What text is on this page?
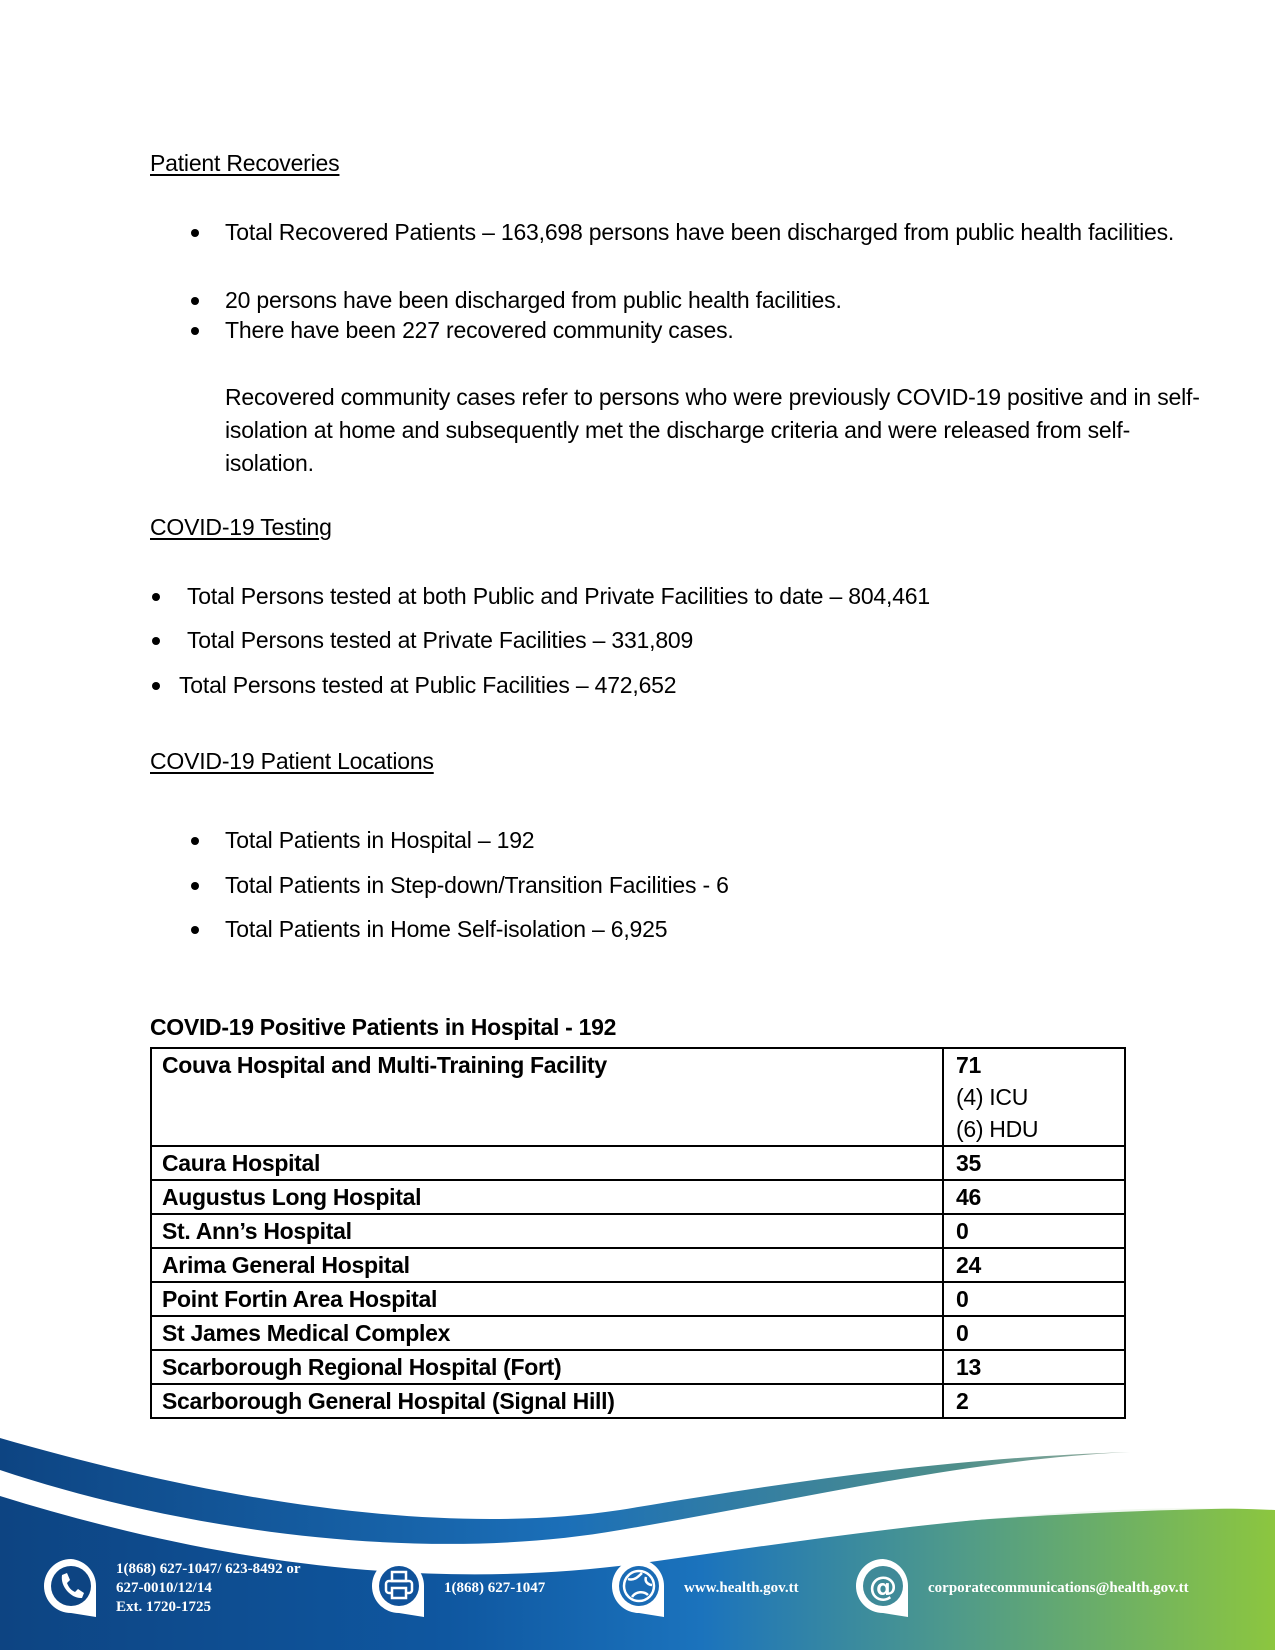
Patient Recoveries
Total Recovered Patients – 163,698 persons have been discharged from public health facilities.
20 persons have been discharged from public health facilities.
There have been 227 recovered community cases.
Recovered community cases refer to persons who were previously COVID-19 positive and in self-isolation at home and subsequently met the discharge criteria and were released from self-isolation.
COVID-19 Testing
Total Persons tested at both Public and Private Facilities to date – 804,461
Total Persons tested at Private Facilities – 331,809
Total Persons tested at Public Facilities – 472,652
COVID-19 Patient Locations
Total Patients in Hospital – 192
Total Patients in Step-down/Transition Facilities - 6
Total Patients in Home Self-isolation – 6,925
COVID-19 Positive Patients in Hospital - 192
Couva Hospital and Multi-Training Facility	71
(4) ICU
(6) HDU

Caura Hospital	35
Augustus Long Hospital	46
St. Ann’s Hospital	0
Arima General Hospital	24
Point Fortin Area Hospital	0
St James Medical Complex	0
Scarborough Regional Hospital (Fort)	13
Scarborough General Hospital (Signal Hill)	2
1(868) 627-1047/ 623-8492 or
627-0010/12/14
Ext. 1720-1725
1(868) 627-1047	www.health.gov.tt	@ corporatecommunications@health.gov.tt
